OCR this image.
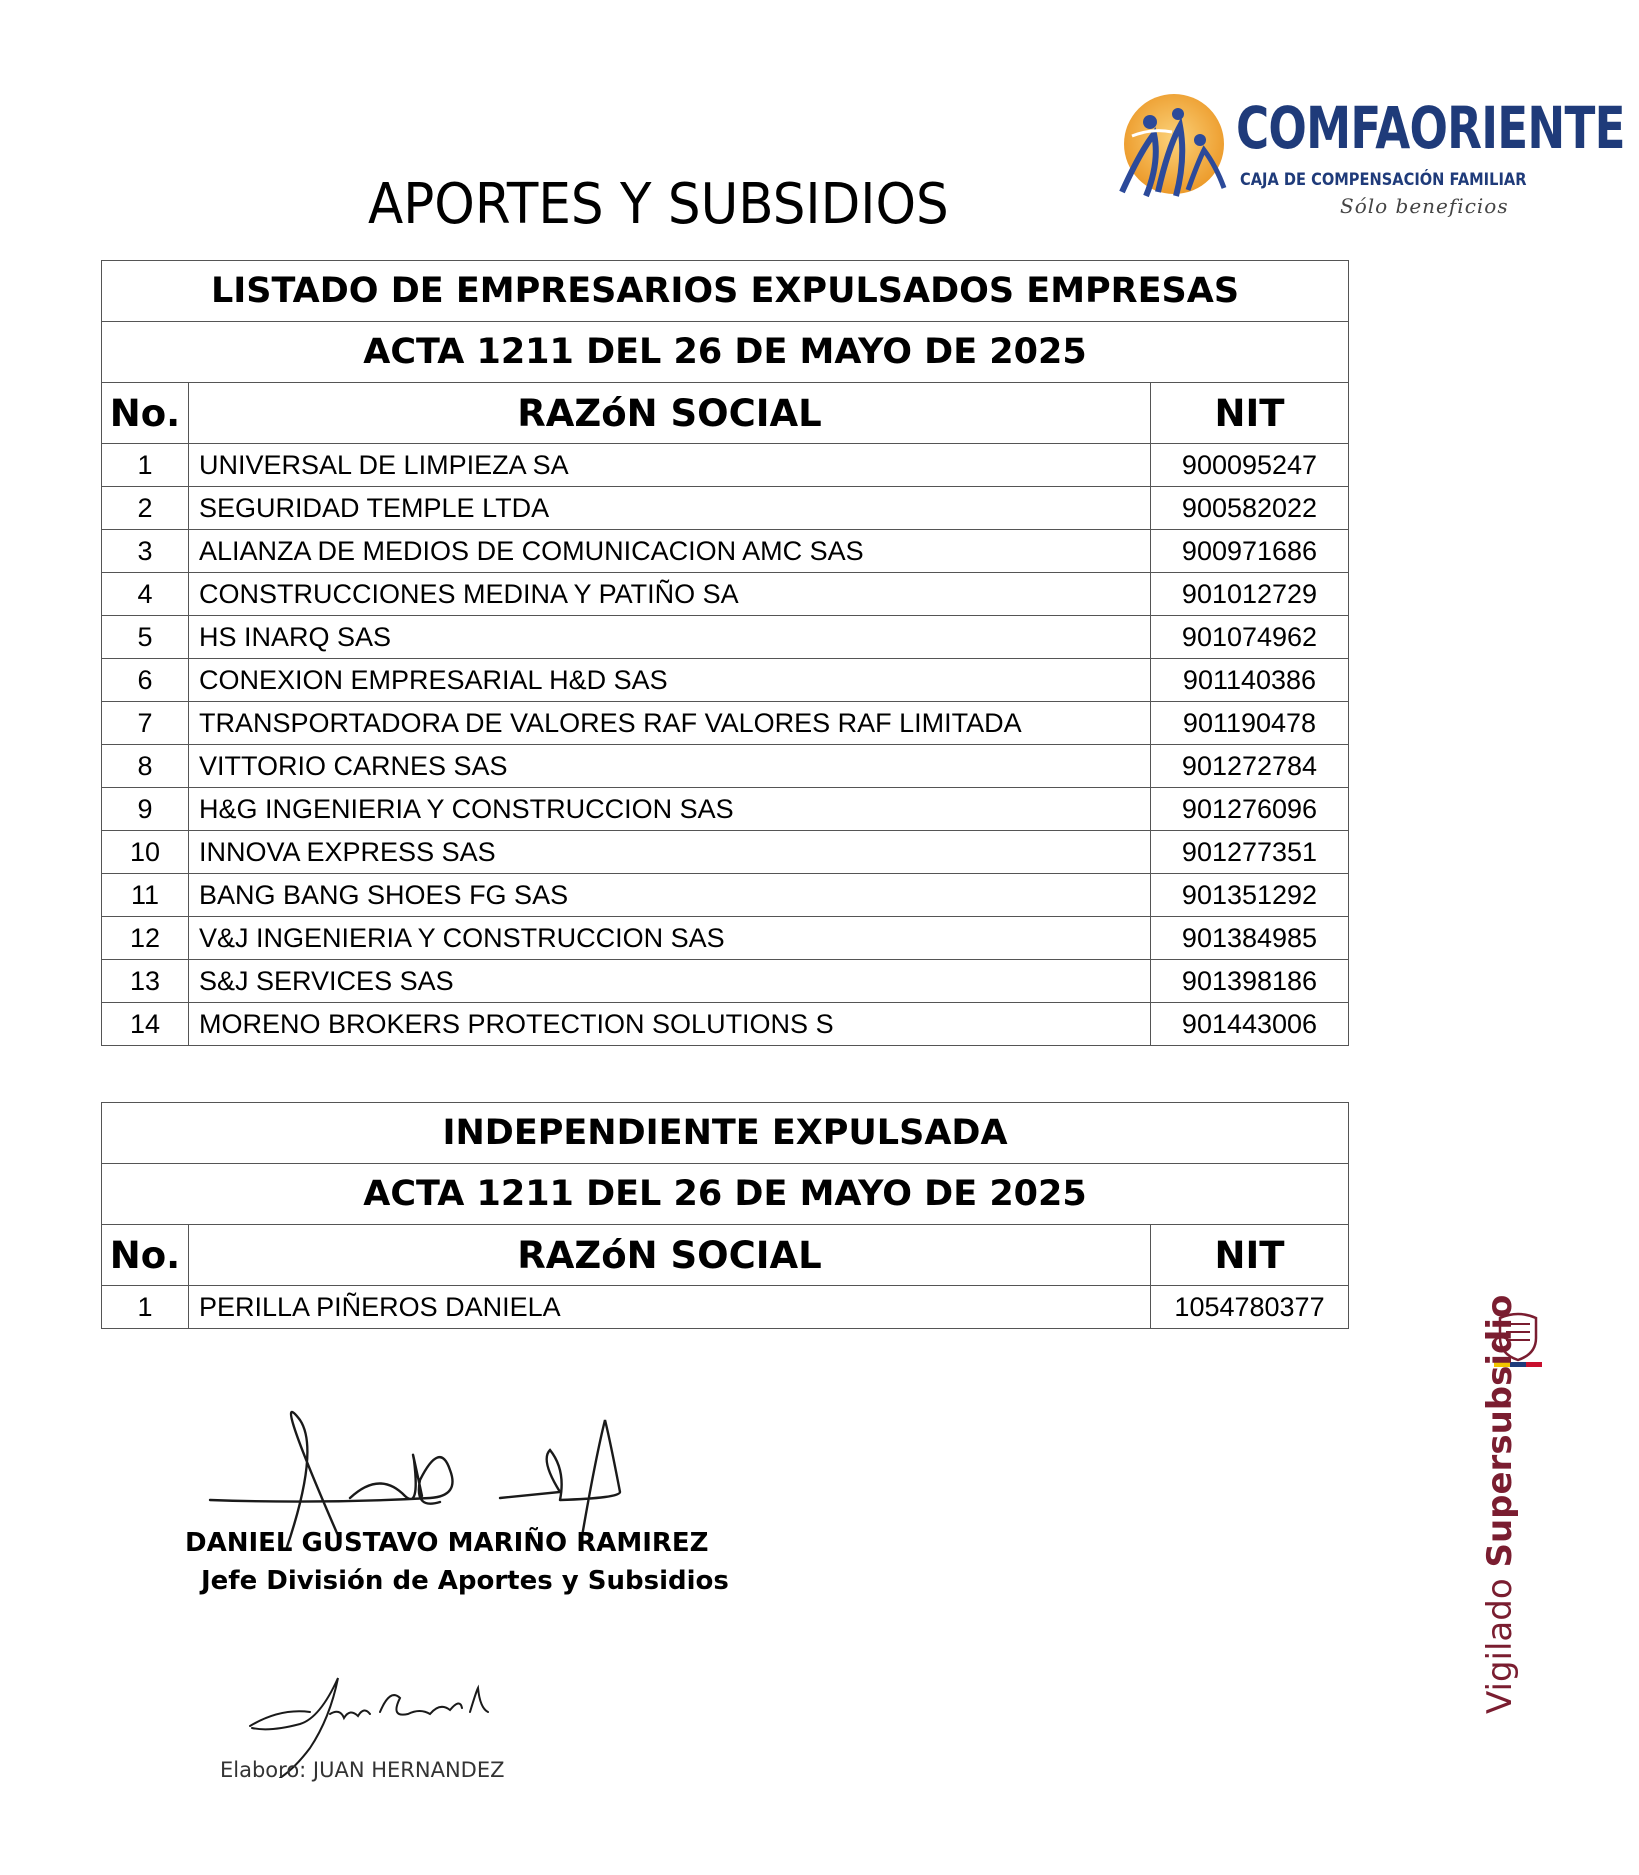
APORTES Y SUBSIDIOS
COMFAORIENTE
CAJA DE COMPENSACIÓN FAMILIAR
Sólo beneficios
LISTADO DE EMPRESARIOS EXPULSADOS EMPRESAS		
ACTA 1211 DEL 26 DE MAYO DE 2025		
No.	RAZóN SOCIAL	NIT
1	UNIVERSAL DE LIMPIEZA SA	900095247
2	SEGURIDAD TEMPLE LTDA	900582022
3	ALIANZA DE MEDIOS DE COMUNICACION AMC SAS	900971686
4	CONSTRUCCIONES MEDINA Y PATIÑO SA	901012729
5	HS INARQ SAS	901074962
6	CONEXION EMPRESARIAL H&D SAS	901140386
7	TRANSPORTADORA DE VALORES RAF VALORES RAF LIMITADA	901190478
8	VITTORIO CARNES SAS	901272784
9	H&G INGENIERIA Y CONSTRUCCION SAS	901276096
10	INNOVA EXPRESS SAS	901277351
11	BANG BANG SHOES FG SAS	901351292
12	V&J INGENIERIA Y CONSTRUCCION SAS	901384985
13	S&J SERVICES SAS	901398186
14	MORENO BROKERS PROTECTION SOLUTIONS S	901443006
INDEPENDIENTE EXPULSADA		
ACTA 1211 DEL 26 DE MAYO DE 2025		
No.	RAZóN SOCIAL	NIT
1	PERILLA PIÑEROS DANIELA	1054780377
DANIEL GUSTAVO MARIÑO RAMIREZ
Jefe División de Aportes y Subsidios
Elaboro: JUAN HERNANDEZ
Vigilado Supersubsidio
